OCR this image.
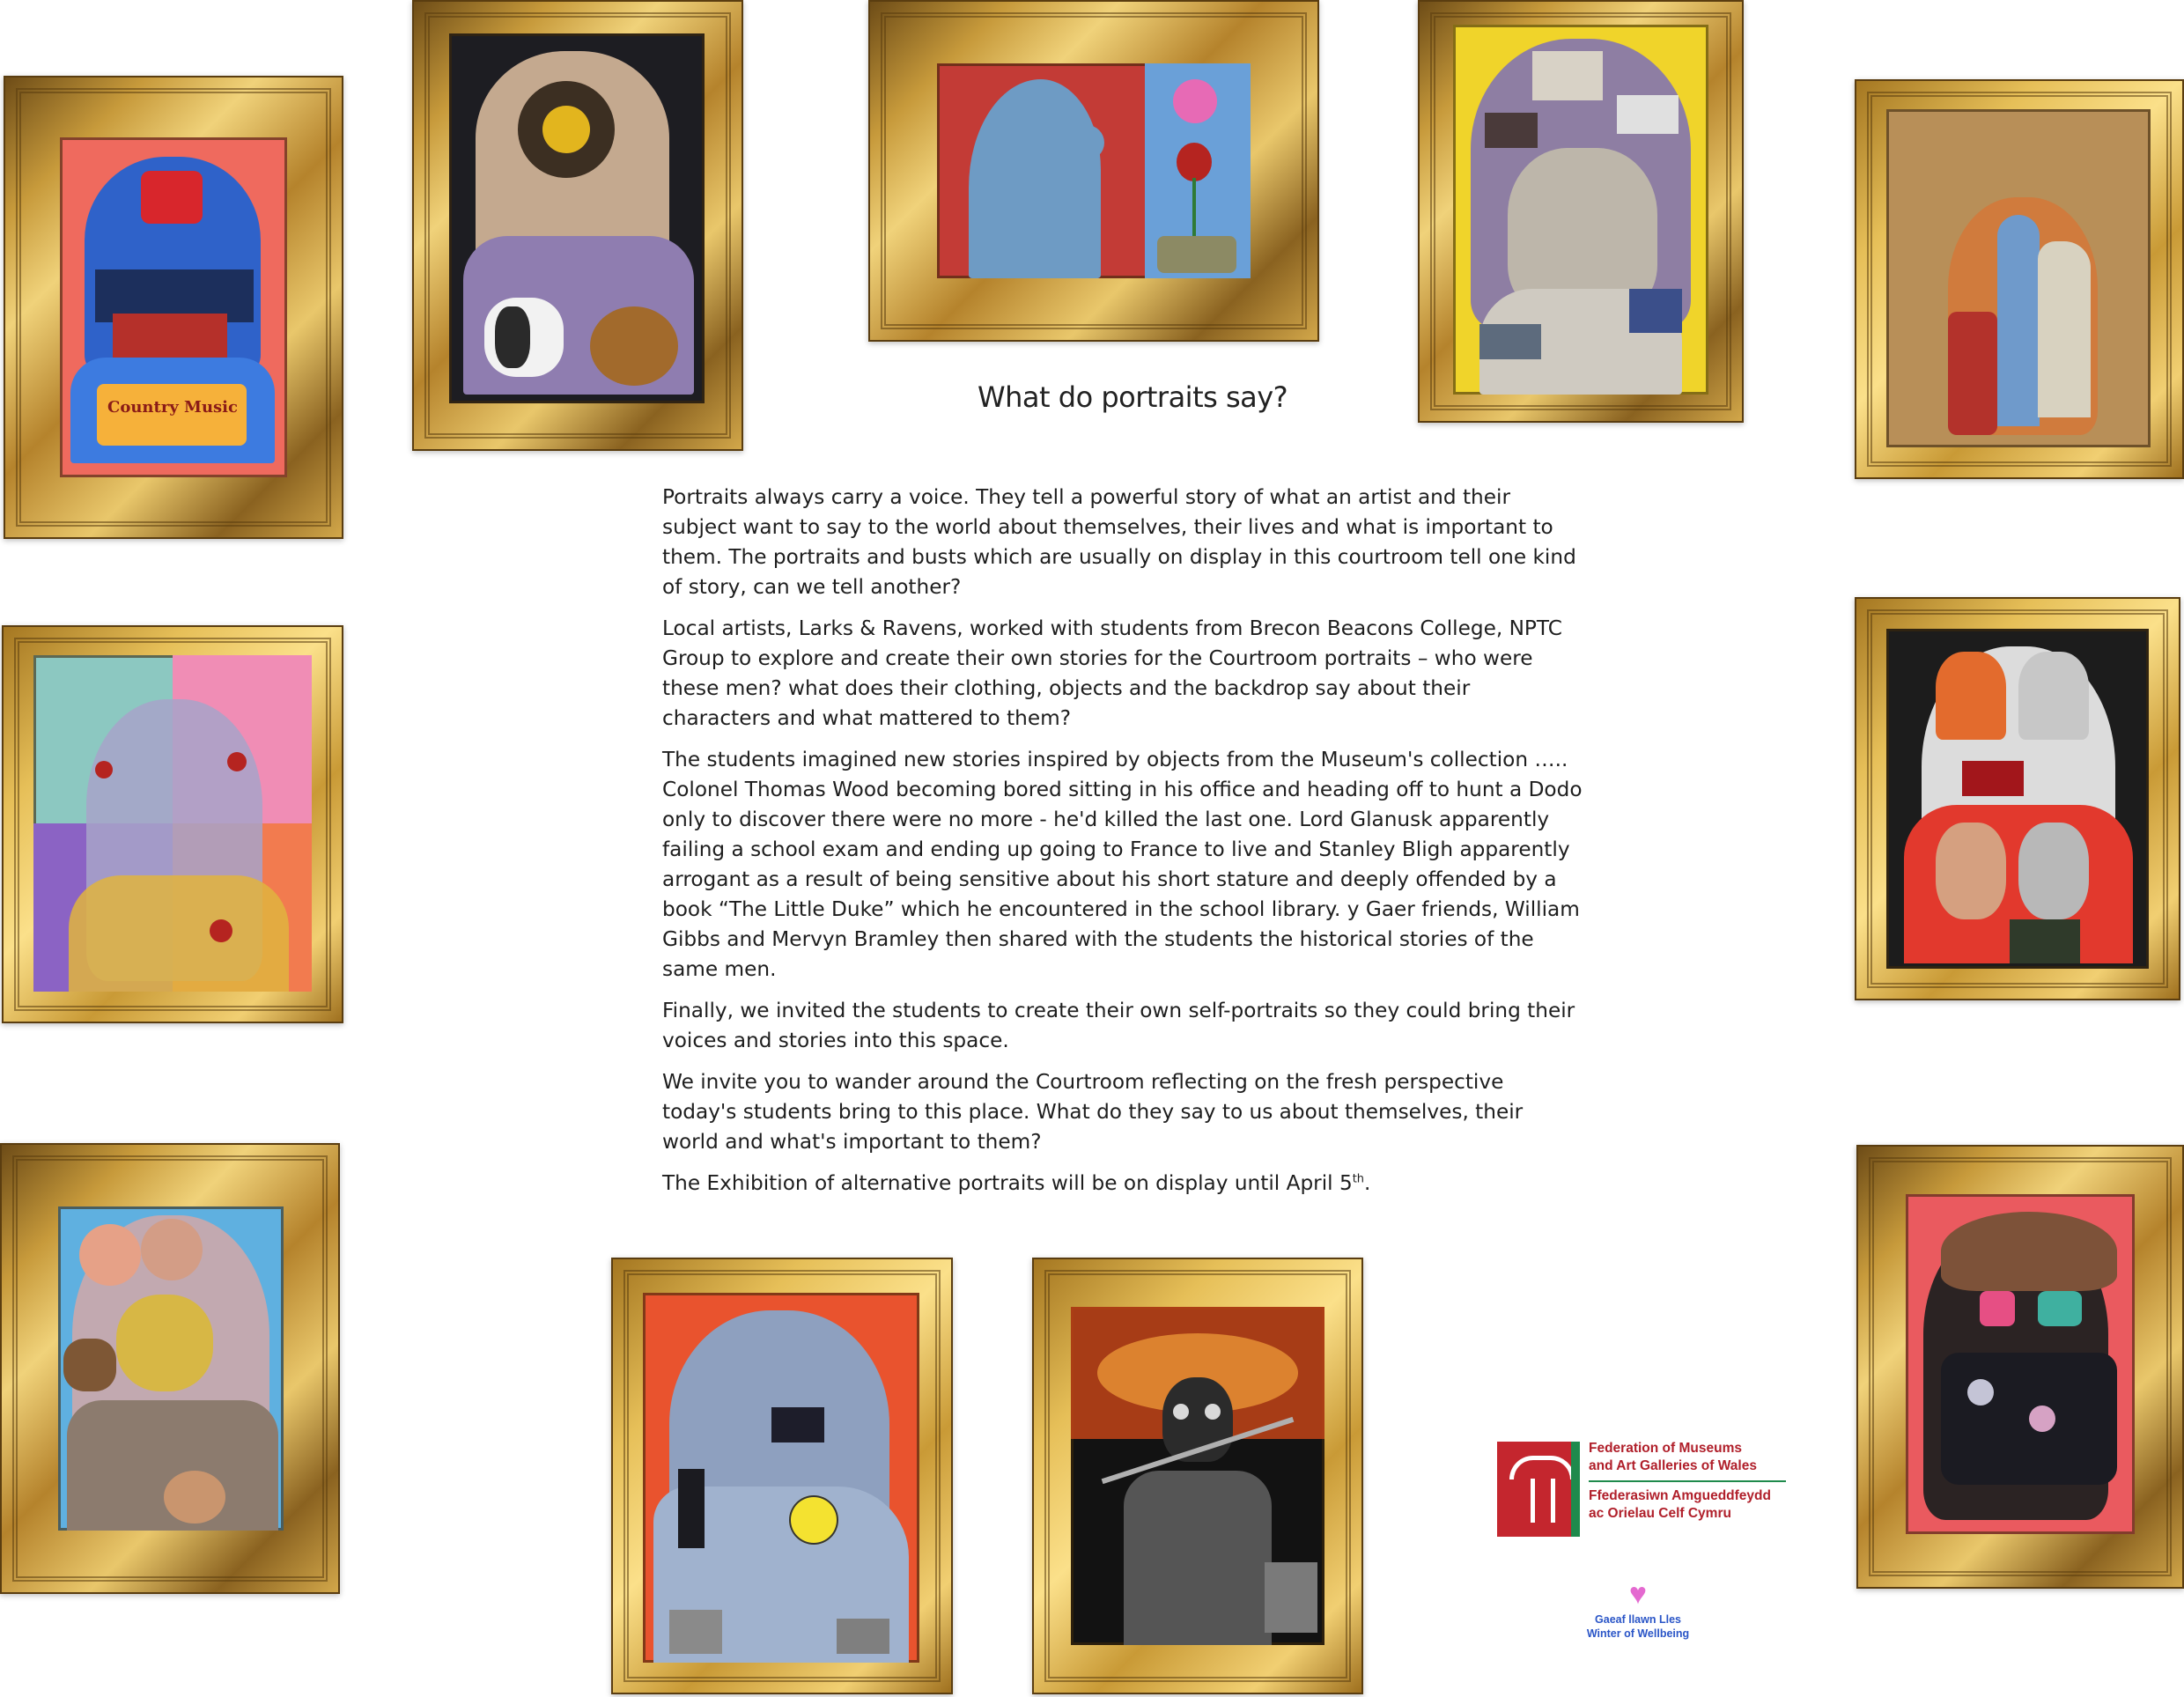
Country Music	What do portraits say?

Portraits always carry a voice. They tell a powerful story of what an artist and their subject want to say to the world about themselves, their lives and what is important to them. The portraits and busts which are usually on display in this courtroom tell one kind of story, can we tell another?

Local artists, Larks & Ravens, worked with students from Brecon Beacons College, NPTC Group to explore and create their own stories for the Courtroom portraits – who were these men? what does their clothing, objects and the backdrop say about their characters and what mattered to them?

The students imagined new stories inspired by objects from the Museum's collection ….. Colonel Thomas Wood becoming bored sitting in his office and heading off to hunt a Dodo only to discover there were no more - he'd killed the last one. Lord Glanusk apparently failing a school exam and ending up going to France to live and Stanley Bligh apparently arrogant as a result of being sensitive about his short stature and deeply offended by a book “The Little Duke” which he encountered in the school library. y Gaer friends, William Gibbs and Mervyn Bramley then shared with the students the historical stories of the same men.

Finally, we invited the students to create their own self-portraits so they could bring their voices and stories into this space.

We invite you to wander around the Courtroom reflecting on the fresh perspective today's students bring to this place. What do they say to us about themselves, their world and what's important to them?

The Exhibition of alternative portraits will be on display until April 5th.

Federation of Museums
and Art Galleries of Wales
Ffederasiwn Amgueddfeydd
ac Orielau Celf Cymru
♥
Gaeaf llawn Lles
Winter of Wellbeing
